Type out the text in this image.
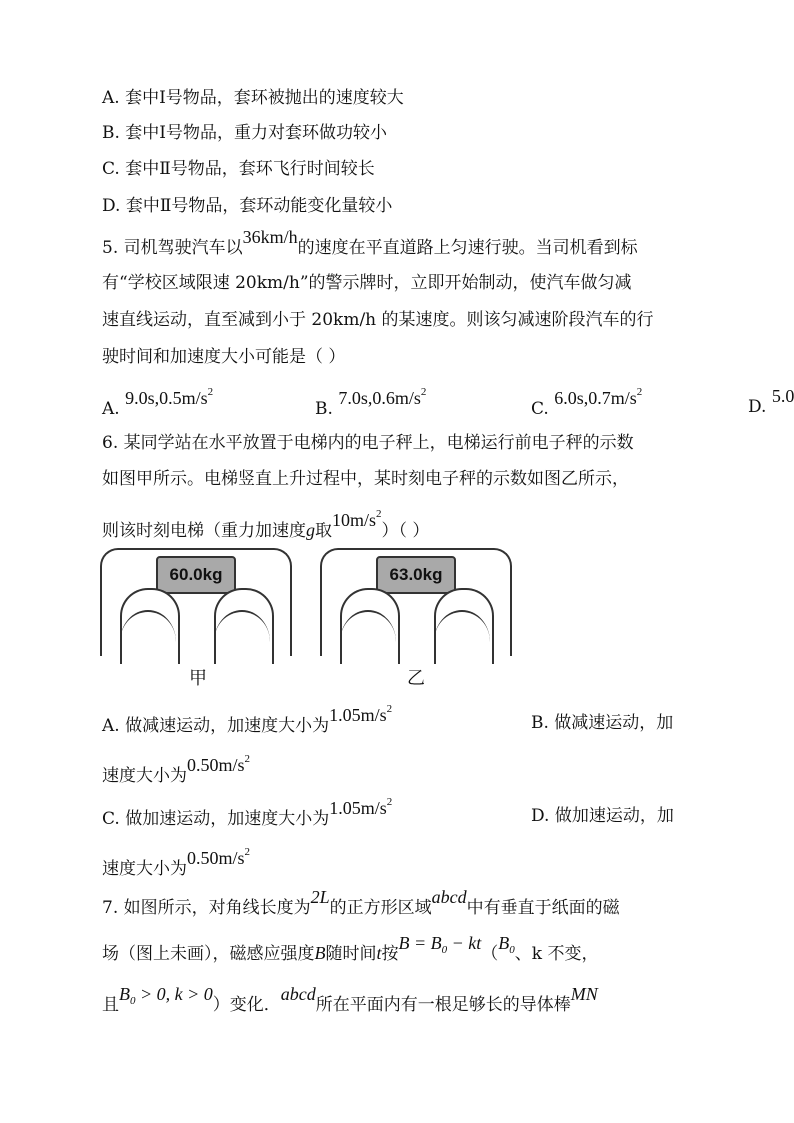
A. 套中Ⅰ号物品，套环被抛出的速度较大
B. 套中Ⅰ号物品，重力对套环做功较小
C. 套中Ⅱ号物品，套环飞行时间较长
D. 套中Ⅱ号物品，套环动能变化量较小
5. 司机驾驶汽车以36km/h的速度在平直道路上匀速行驶。当司机看到标
有“学校区域限速 20km/h”的警示牌时，立即开始制动，使汽车做匀减
速直线运动，直至减到小于 20km/h 的某速度。则该匀减速阶段汽车的行
驶时间和加速度大小可能是（ ）
A. $9.0s,0.5m/s^2$
B. $7.0s,0.6m/s^2$
C. $6.0s,0.7m/s^2$
D. 5.0
6. 某同学站在水平放置于电梯内的电子秤上，电梯运行前电子秤的示数
如图甲所示。电梯竖直上升过程中，某时刻电子秤的示数如图乙所示，
则该时刻电梯（重力加速度g取$10m/s^2$）（ ）
60.0kg
甲
63.0kg
乙
A. 做减速运动，加速度大小为$1.05m/s^2$
B. 做减速运动，加
速度大小为$0.50m/s^2$
C. 做加速运动，加速度大小为$1.05m/s^2$
D. 做加速运动，加
速度大小为$0.50m/s^2$
7. 如图所示，对角线长度为2L的正方形区域abcd中有垂直于纸面的磁
场（图上未画），磁感应强度B随时间t按$B = B_0 - kt(B_0$、k 不变，
且$B_0 > 0$, k > 0）变化．abcd所在平面内有一根足够长的导体棒MN
